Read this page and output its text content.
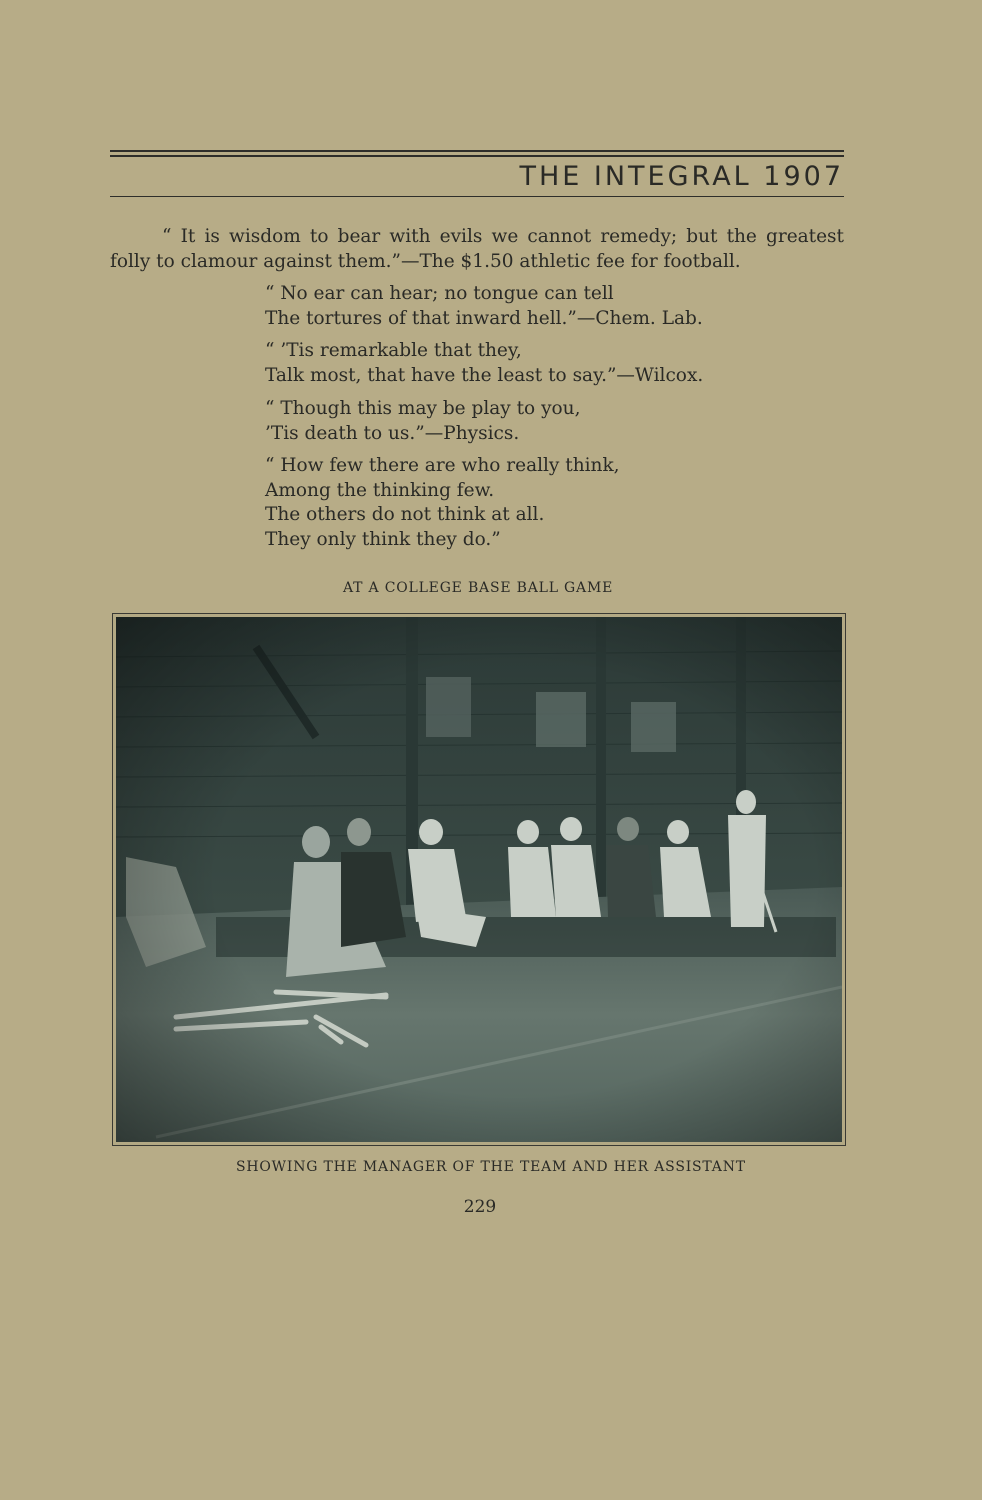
THE INTEGRAL 1907

“ It is wisdom to bear with evils we cannot remedy; but the greatest folly to clamour against them.”—The $1.50 athletic fee for football.

“ No ear can hear; no tongue can tell
The tortures of that inward hell.”—Chem. Lab.
“ ’Tis remarkable that they,
Talk most, that have the least to say.”—Wilcox.
“ Though this may be play to you,
’Tis death to us.”—Physics.
“ How few there are who really think,
Among the thinking few.
The others do not think at all.
They only think they do.”
AT A COLLEGE BASE BALL GAME
SHOWING THE MANAGER OF THE TEAM AND HER ASSISTANT
229
